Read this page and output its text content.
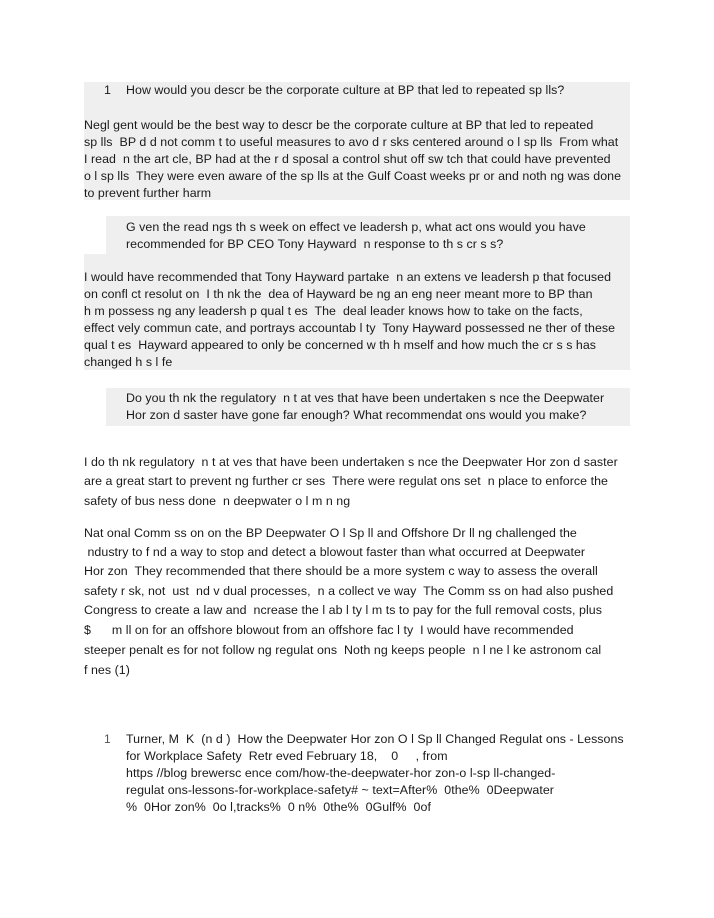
1 How would you descr be the corporate culture at BP that led to repeated sp lls?
Negl gent would be the best way to descr be the corporate culture at BP that led to repeated
sp lls  BP d d not comm t to useful measures to avo d r sks centered around o l sp lls  From what
I read  n the art cle, BP had at the r d sposal a control shut off sw tch that could have prevented
o l sp lls  They were even aware of the sp lls at the Gulf Coast weeks pr or and noth ng was done
to prevent further harm
G ven the read ngs th s week on effect ve leadersh p, what act ons would you have
recommended for BP CEO Tony Hayward  n response to th s cr s s?
I would have recommended that Tony Hayward partake  n an extens ve leadersh p that focused
on confl ct resolut on  I th nk the  dea of Hayward be ng an eng neer meant more to BP than
h m possess ng any leadersh p qual t es  The  deal leader knows how to take on the facts,
effect vely commun cate, and portrays accountab l ty  Tony Hayward possessed ne ther of these
qual t es  Hayward appeared to only be concerned w th h mself and how much the cr s s has
changed h s l fe
Do you th nk the regulatory  n t at ves that have been undertaken s nce the Deepwater
Hor zon d saster have gone far enough? What recommendat ons would you make?
I do th nk regulatory  n t at ves that have been undertaken s nce the Deepwater Hor zon d saster
are a great start to prevent ng further cr ses  There were regulat ons set  n place to enforce the
safety of bus ness done  n deepwater o l m n ng
Nat onal Comm ss on on the BP Deepwater O l Sp ll and Offshore Dr ll ng challenged the
ndustry to f nd a way to stop and detect a blowout faster than what occurred at Deepwater
Hor zon  They recommended that there should be a more system c way to assess the overall
safety r sk, not  ust  nd v dual processes,  n a collect ve way  The Comm ss on had also pushed
Congress to create a law and  ncrease the l ab l ty l m ts to pay for the full removal costs, plus
$      m ll on for an offshore blowout from an offshore fac l ty  I would have recommended
steeper penalt es for not follow ng regulat ons  Noth ng keeps people  n l ne l ke astronom cal
f nes (1)
1 Turner, M  K  (n d )  How the Deepwater Hor zon O l Sp ll Changed Regulat ons - Lessons
for Workplace Safety  Retr eved February 18,    0     , from
https //blog brewersc ence com/how-the-deepwater-hor zon-o l-sp ll-changed-
regulat ons-lessons-for-workplace-safety# ~ text=After%  0the%  0Deepwater
%  0Hor zon%  0o l,tracks%  0 n%  0the%  0Gulf%  0of
